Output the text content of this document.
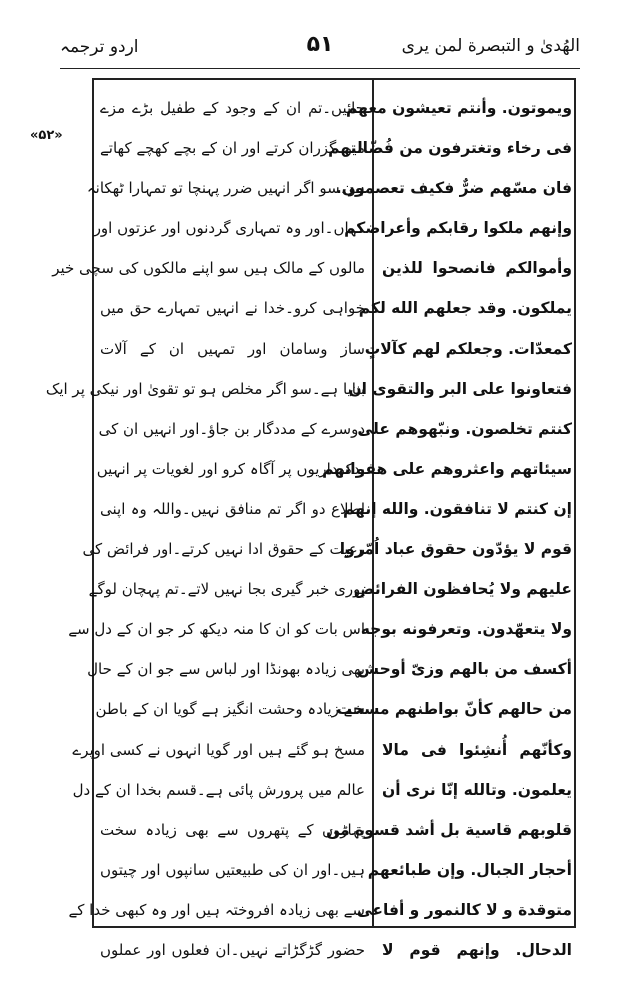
الهُدیٰ و التبصرة لمن یری
۵۱
اردو ترجمہ
«۵۲»
ویموتون. وأنتم تعیشون معهم
فی رخاء وتغترفون من فُضّالتهم
فان مسّهم ضرٌّ فکیف تعصمون.
وإنهم ملکوا رقابکم وأعراضکم
وأموالکم فانصحوا للذین
یملکون. وقد جعلهم الله لکم
کمعدّات. وجعلکم لهم کآلاتٍ
فتعاونوا علی البر والتقوی ان
کنتم تخلصون. ونبّهوهم علی
سیئاتهم واعثروهم علی هفواتهم
إن کنتم لا تنافقون. والله إنهم
قوم لا یؤدّون حقوق عباد اُمّروا
علیهم ولا یُحافظون الفرائض
ولا یتعهّدون. وتعرفونه بوجه
أکسف من بالهم وزیّ أوحش
من حالهم کأنّ بواطنهم مسخت
وکأنّهم أُنشِئوا فی مالا
یعلمون. وتالله إنّا نری أن
قلوبهم قاسیة بل أشد قسوة من
أحجار الجبال. وإن طبائعهم
متوقدة و لا کالنمور و أفاعی
الدحال. وإنهم قوم لا
جائیں۔تم ان کے وجود کے طفیل بڑے مزے
میں گزران کرتے اور ان کے بچے کھچے کھاتے
ہو۔سو اگر انہیں ضرر پہنچا تو تمہارا ٹھکانہ
کہاں۔اور وہ تمہاری گردنوں اور عزتوں اور
مالوں کے مالک ہیں سو اپنے مالکوں کی سچی خیر
خواہی کرو۔خدا نے انہیں تمہارے حق میں
ساز وسامان اور تمہیں ان کے آلات
بنایا ہے۔سو اگر مخلص ہو تو تقویٰ اور نیکی پر ایک
دوسرے کے مددگار بن جاؤ۔اور انہیں ان کی
بدکرداریوں پر آگاہ کرو اور لغویات پر انہیں
اطلاع دو اگر تم منافق نہیں۔واللہ وہ اپنی
رعیت کے حقوق ادا نہیں کرتے۔اور فرائض کی
پوری خبر گیری بجا نہیں لاتے۔تم پہچان لوگے
اس بات کو ان کا منہ دیکھ کر جو ان کے دل سے
بھی زیادہ بھونڈا اور لباس سے جو ان کے حال
سے زیادہ وحشت انگیز ہے گویا ان کے باطن
مسخ ہو گئے ہیں اور گویا انہوں نے کسی اوپرے
عالم میں پرورش پائی ہے۔قسم بخدا ان کے دل
پہاڑوں کے پتھروں سے بھی زیادہ سخت
ہیں۔اور ان کی طبیعتیں سانپوں اور چیتوں
سے بھی زیادہ افروختہ ہیں اور وہ کبھی خدا کے
حضور گڑگڑاتے نہیں۔ان فعلوں اور عملوں
